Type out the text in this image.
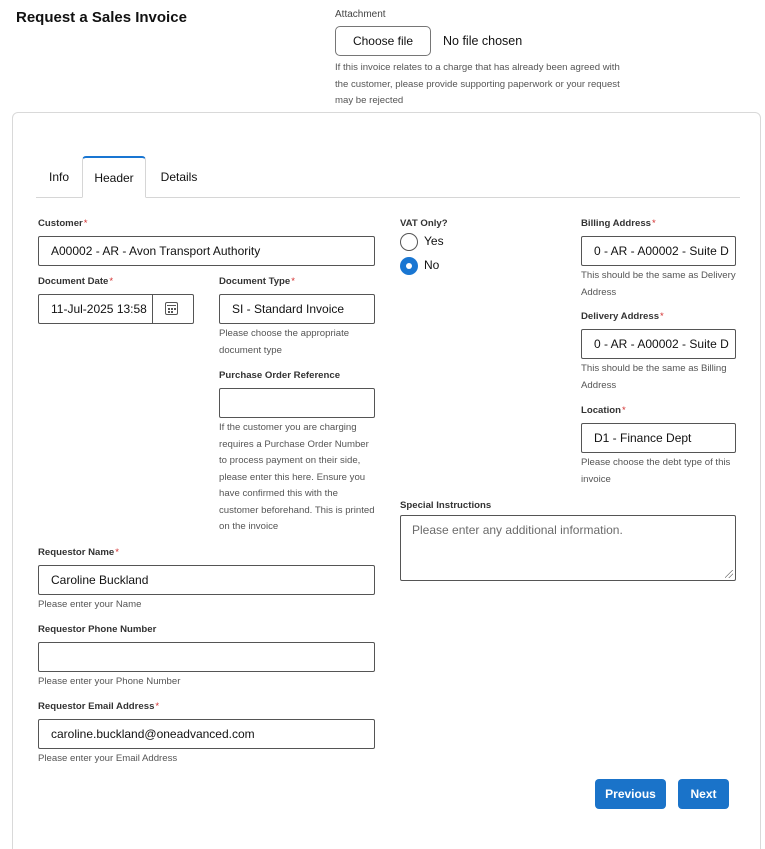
Request a Sales Invoice	Attachment
Choose file	No file chosen
If this invoice relates to a charge that has already been agreed with the customer, please provide supporting paperwork or your request may be rejected
Info	Header	Details
Customer*
A00002 - AR - Avon Transport Authority
Document Date*
11-Jul-2025 13:58
Document Type*
SI - Standard Invoice
Please choose the appropriate document type
Purchase Order Reference
If the customer you are charging requires a Purchase Order Number to process payment on their side, please enter this here. Ensure you have confirmed this with the customer beforehand. This is printed on the invoice
VAT Only?
Yes
No
Billing Address*
0 - AR - A00002 - Suite D
This should be the same as Delivery Address
Delivery Address*
0 - AR - A00002 - Suite D
This should be the same as Billing Address
Location*
D1 - Finance Dept
Please choose the debt type of this invoice
Special Instructions
Please enter any additional information.
Requestor Name*
Caroline Buckland
Please enter your Name
Requestor Phone Number
Please enter your Phone Number
Requestor Email Address*
caroline.buckland@oneadvanced.com
Please enter your Email Address
Previous	Next
